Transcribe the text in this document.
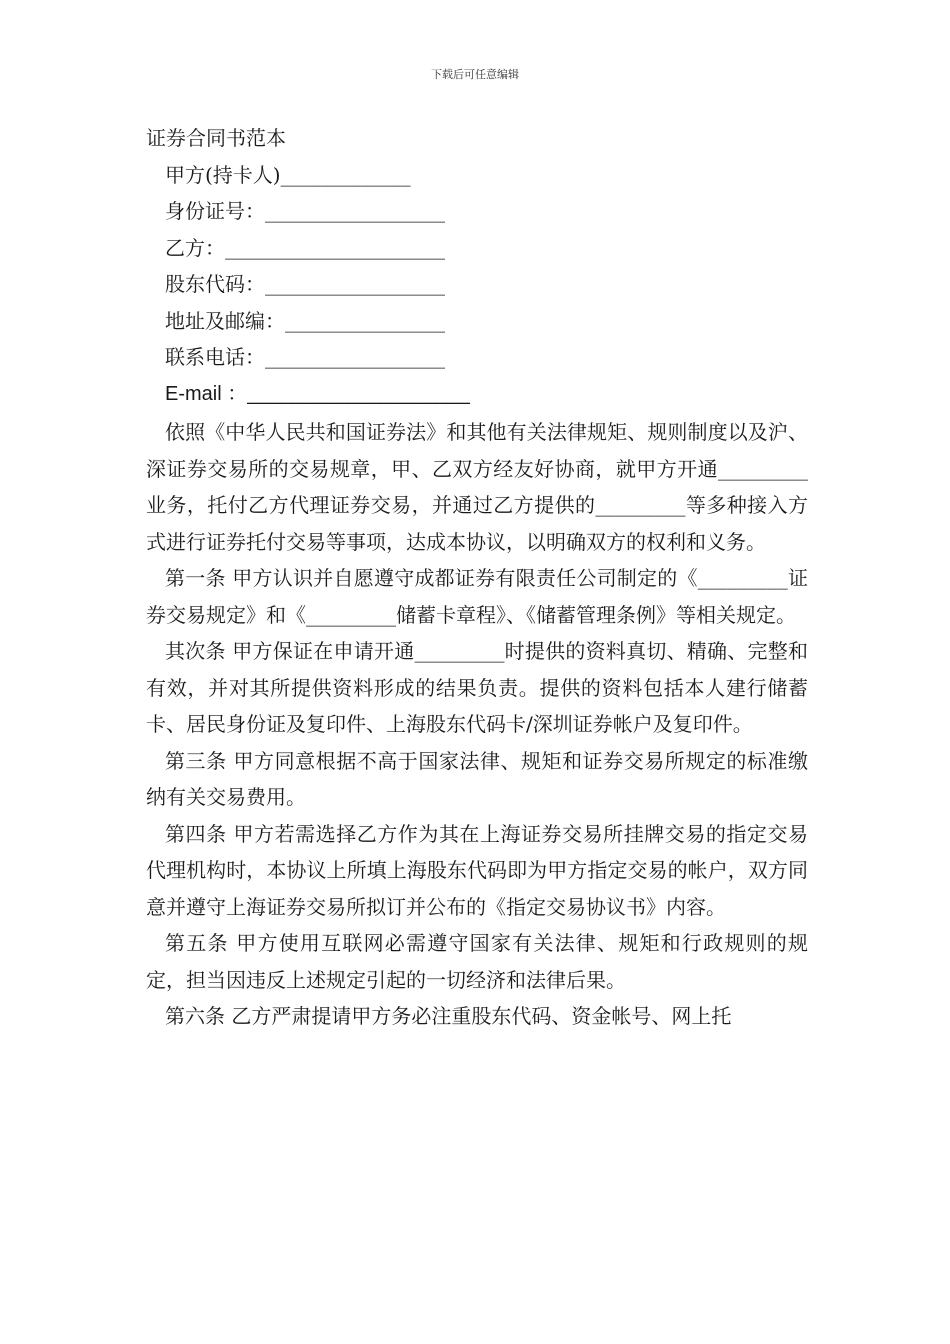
下载后可任意编辑
证券合同书范本
甲方(持卡人)_____________
身份证号：__________________
乙方：______________________
股东代码：__________________
地址及邮编：________________
联系电话：__________________
E-mail ：____________________

依照《中华人民共和国证券法》和其他有关法律规矩、规则制度以及沪、深证券交易所的交易规章，甲、乙双方经友好协商，就甲方开通_________业务，托付乙方代理证券交易，并通过乙方提供的_________等多种接入方式进行证券托付交易等事项，达成本协议，以明确双方的权利和义务。

第一条 甲方认识并自愿遵守成都证券有限责任公司制定的《_________证券交易规定》和《_________储蓄卡章程》、《储蓄管理条例》等相关规定。

其次条 甲方保证在申请开通_________时提供的资料真切、精确、完整和有效，并对其所提供资料形成的结果负责。提供的资料包括本人建行储蓄卡、居民身份证及复印件、上海股东代码卡/深圳证券帐户及复印件。

第三条 甲方同意根据不高于国家法律、规矩和证券交易所规定的标准缴纳有关交易费用。

第四条 甲方若需选择乙方作为其在上海证券交易所挂牌交易的指定交易代理机构时，本协议上所填上海股东代码即为甲方指定交易的帐户，双方同意并遵守上海证券交易所拟订并公布的《指定交易协议书》内容。

第五条 甲方使用互联网必需遵守国家有关法律、规矩和行政规则的规定，担当因违反上述规定引起的一切经济和法律后果。

第六条 乙方严肃提请甲方务必注重股东代码、资金帐号、网上托
